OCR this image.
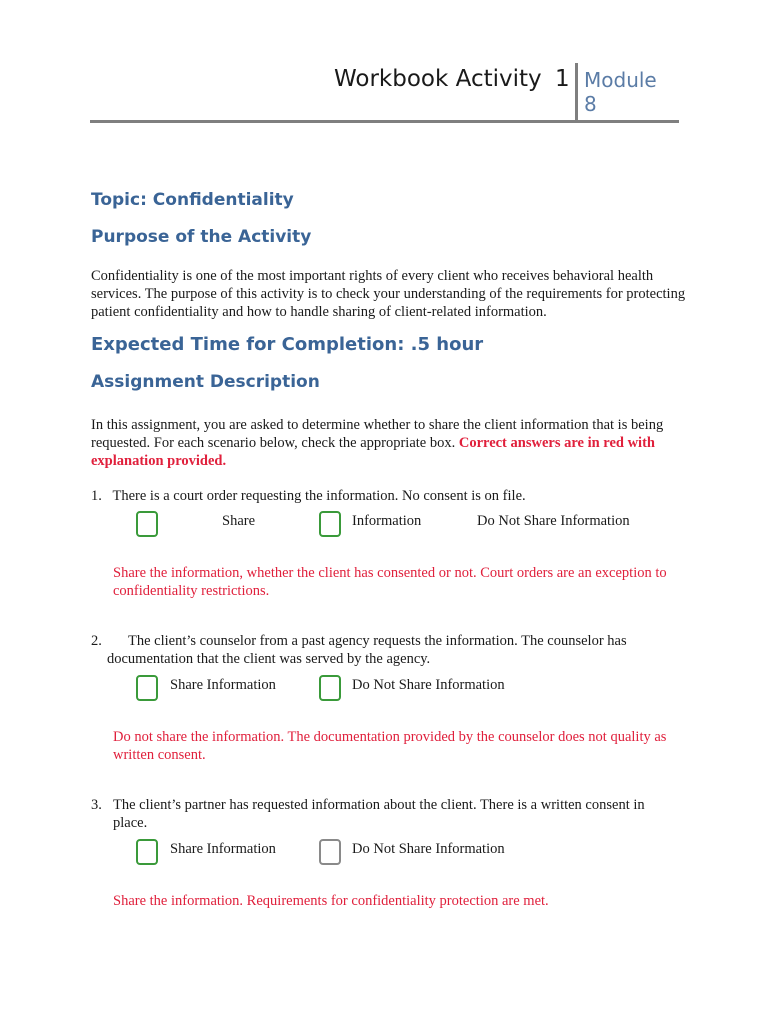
Workbook Activity 1 Module
8
Topic: Confidentiality
Purpose of the Activity
Confidentiality is one of the most important rights of every client who receives behavioral health services. The purpose of this activity is to check your understanding of the requirements for protecting patient confidentiality and how to handle sharing of client-related information.
Expected Time for Completion: .5 hour
Assignment Description
In this assignment, you are asked to determine whether to share the client information that is being requested. For each scenario below, check the appropriate box. Correct answers are in red with explanation provided.
1. There is a court order requesting the information. No consent is on file.
Share	Information	Do Not Share Information
Share the information, whether the client has consented or not. Court orders are an exception to confidentiality restrictions.
2.	The client’s counselor from a past agency requests the information. The counselor has documentation that the client was served by the agency.
Share Information	Do Not Share Information
Do not share the information. The documentation provided by the counselor does not quality as written consent.
3. The client’s partner has requested information about the client. There is a written consent in place.
Share Information	Do Not Share Information
Share the information. Requirements for confidentiality protection are met.
